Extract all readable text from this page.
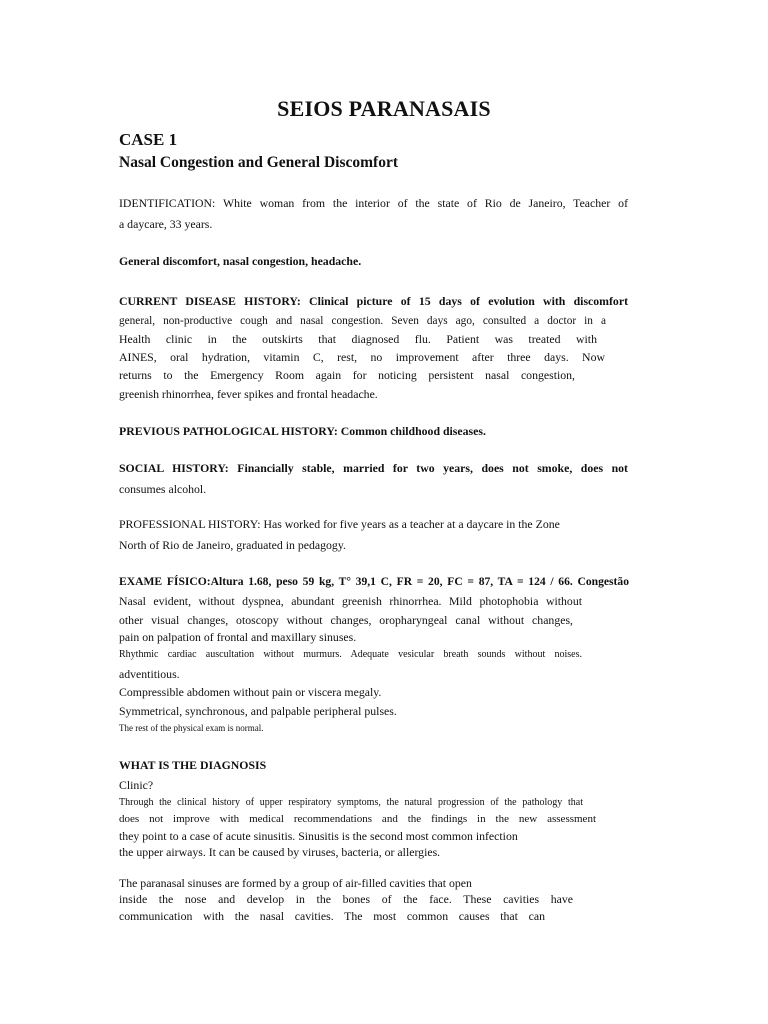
SEIOS PARANASAIS
CASE 1
Nasal Congestion and General Discomfort
IDENTIFICATION: White woman from the interior of the state of Rio de Janeiro, Teacher of
a daycare, 33 years.
General discomfort, nasal congestion, headache.
CURRENT DISEASE HISTORY: Clinical picture of 15 days of evolution with discomfort
general, non-productive cough and nasal congestion. Seven days ago, consulted a doctor in a
Health clinic in the outskirts that diagnosed flu. Patient was treated with
AINES, oral hydration, vitamin C, rest, no improvement after three days. Now
returns to the Emergency Room again for noticing persistent nasal congestion,
greenish rhinorrhea, fever spikes and frontal headache.
PREVIOUS PATHOLOGICAL HISTORY: Common childhood diseases.
SOCIAL HISTORY: Financially stable, married for two years, does not smoke, does not
consumes alcohol.
PROFESSIONAL HISTORY: Has worked for five years as a teacher at a daycare in the Zone
North of Rio de Janeiro, graduated in pedagogy.
EXAME FÍSICO:Altura 1.68, peso 59 kg, T° 39,1 C, FR = 20, FC = 87, TA = 124 / 66. Congestão
Nasal evident, without dyspnea, abundant greenish rhinorrhea. Mild photophobia without
other visual changes, otoscopy without changes, oropharyngeal canal without changes,
pain on palpation of frontal and maxillary sinuses.
Rhythmic cardiac auscultation without murmurs. Adequate vesicular breath sounds without noises.
adventitious.
Compressible abdomen without pain or viscera megaly.
Symmetrical, synchronous, and palpable peripheral pulses.
The rest of the physical exam is normal.
WHAT IS THE DIAGNOSIS
Clinic?
Through the clinical history of upper respiratory symptoms, the natural progression of the pathology that
does not improve with medical recommendations and the findings in the new assessment
they point to a case of acute sinusitis. Sinusitis is the second most common infection
the upper airways. It can be caused by viruses, bacteria, or allergies.
The paranasal sinuses are formed by a group of air-filled cavities that open
inside the nose and develop in the bones of the face. These cavities have
communication with the nasal cavities. The most common causes that can
